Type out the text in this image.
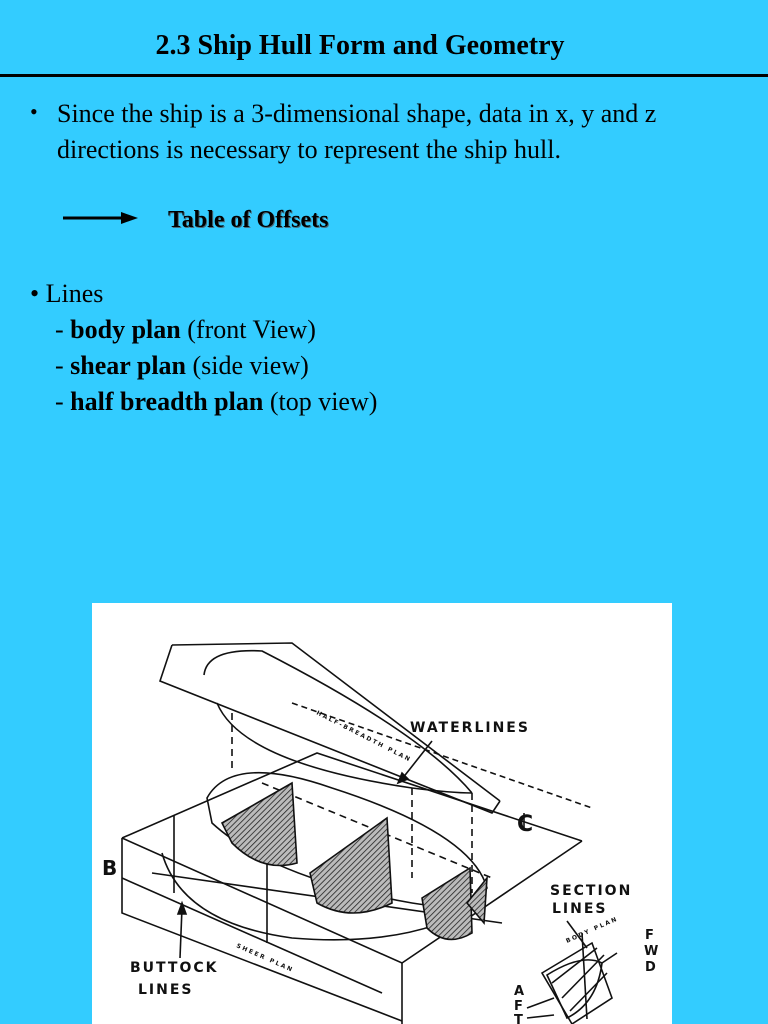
2.3 Ship Hull Form and Geometry
• Since the ship is a 3-dimensional shape, data in x, y and z directions is necessary to represent the ship hull.
Table of Offsets
• Lines
- body plan (front View)
- shear plan (side view)
- half breadth plan (top view)
WATERLINES
HALF-BREADTH PLAN
C
B
SECTION
LINES
BODY PLAN F
W
D
A
F
T
BUTTOCK
LINES
SHEER PLAN
